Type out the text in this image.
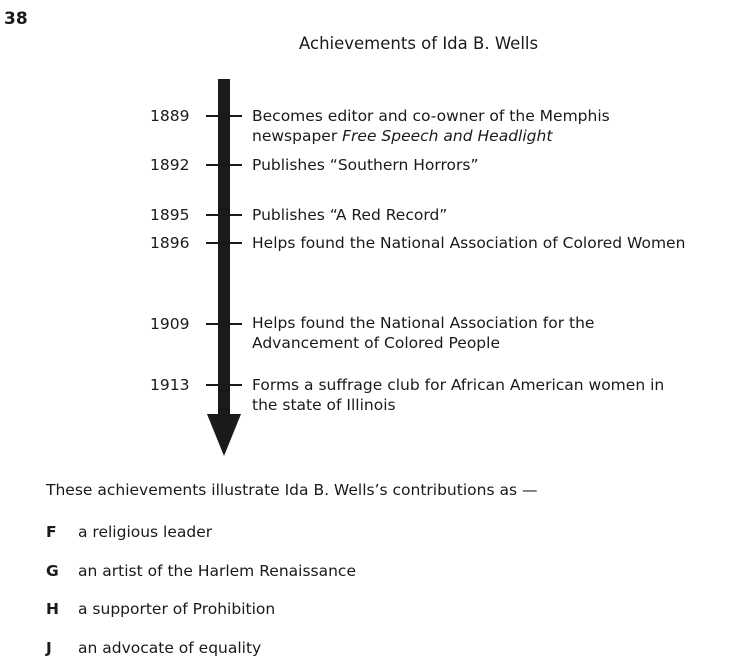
38
Achievements of Ida B. Wells
1889
1892
1895
1896
1909
1913
Becomes editor and co-owner of the Memphis
newspaper Free Speech and Headlight
Publishes “Southern Horrors”
Publishes “A Red Record”
Helps found the National Association of Colored Women
Helps found the National Association for the
Advancement of Colored People
Forms a suffrage club for African American women in
the state of Illinois
These achievements illustrate Ida B. Wells’s contributions as —
F a religious leader
G an artist of the Harlem Renaissance
H a supporter of Prohibition
J an advocate of equality
